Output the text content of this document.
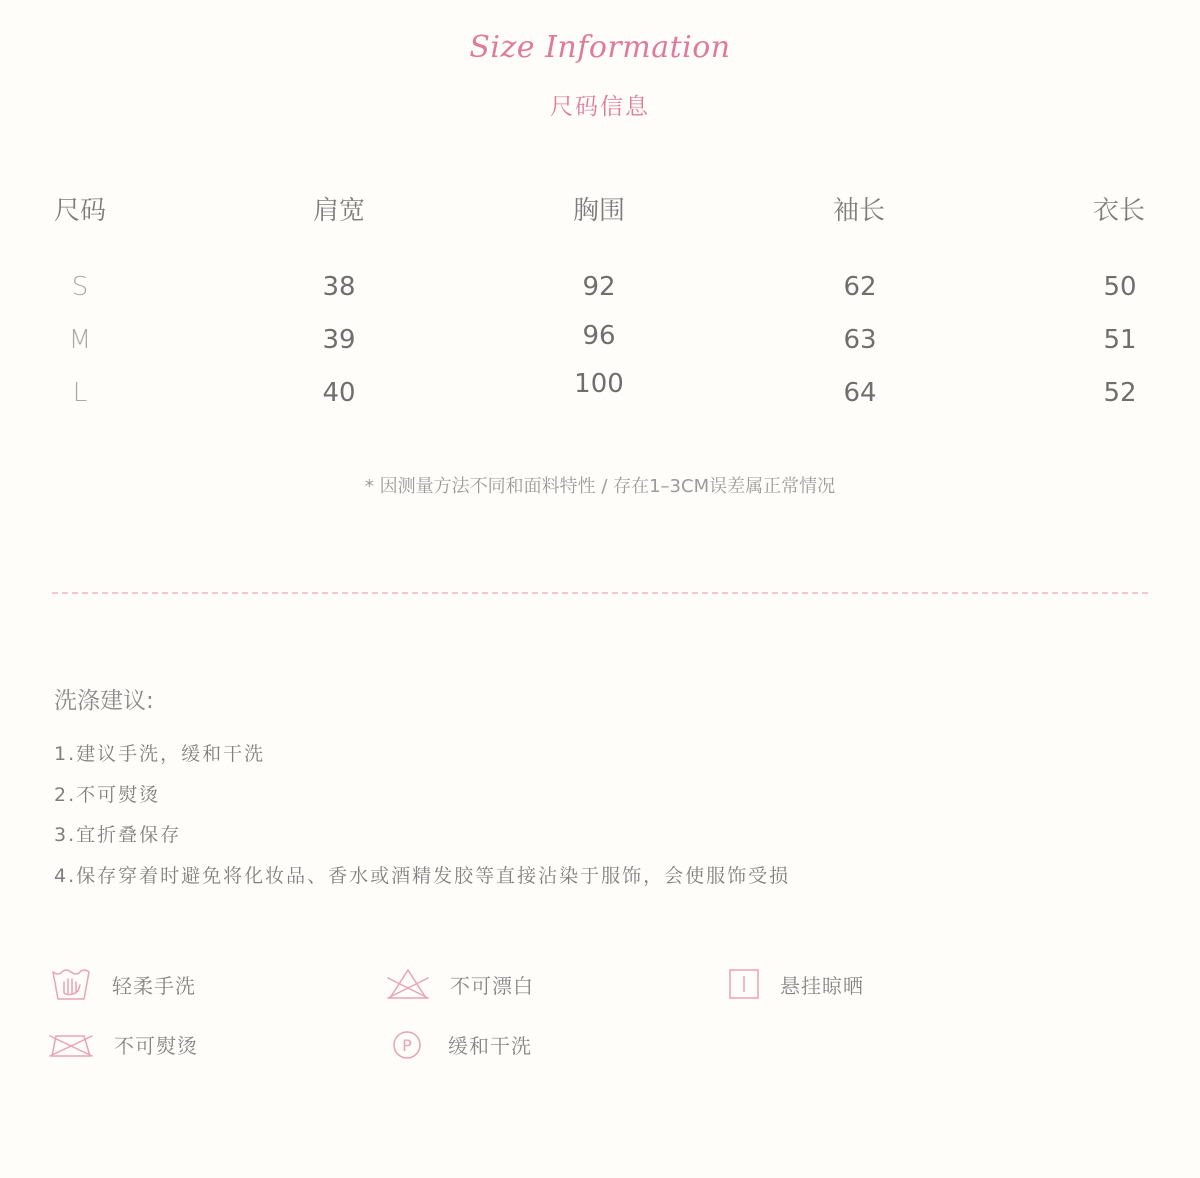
Size Information
尺码信息
尺码	肩宽	胸围	袖长	衣长
S	38	92	62	50
M	39	96	63	51
L	40	100	64	52
* 因测量方法不同和面料特性 / 存在1–3CM误差属正常情况
洗涤建议:
1.建议手洗，缓和干洗
2.不可熨烫
3.宜折叠保存
4.保存穿着时避免将化妆品、香水或酒精发胶等直接沾染于服饰，会使服饰受损
轻柔手洗	不可漂白	悬挂晾晒
不可熨烫	P 缓和干洗
